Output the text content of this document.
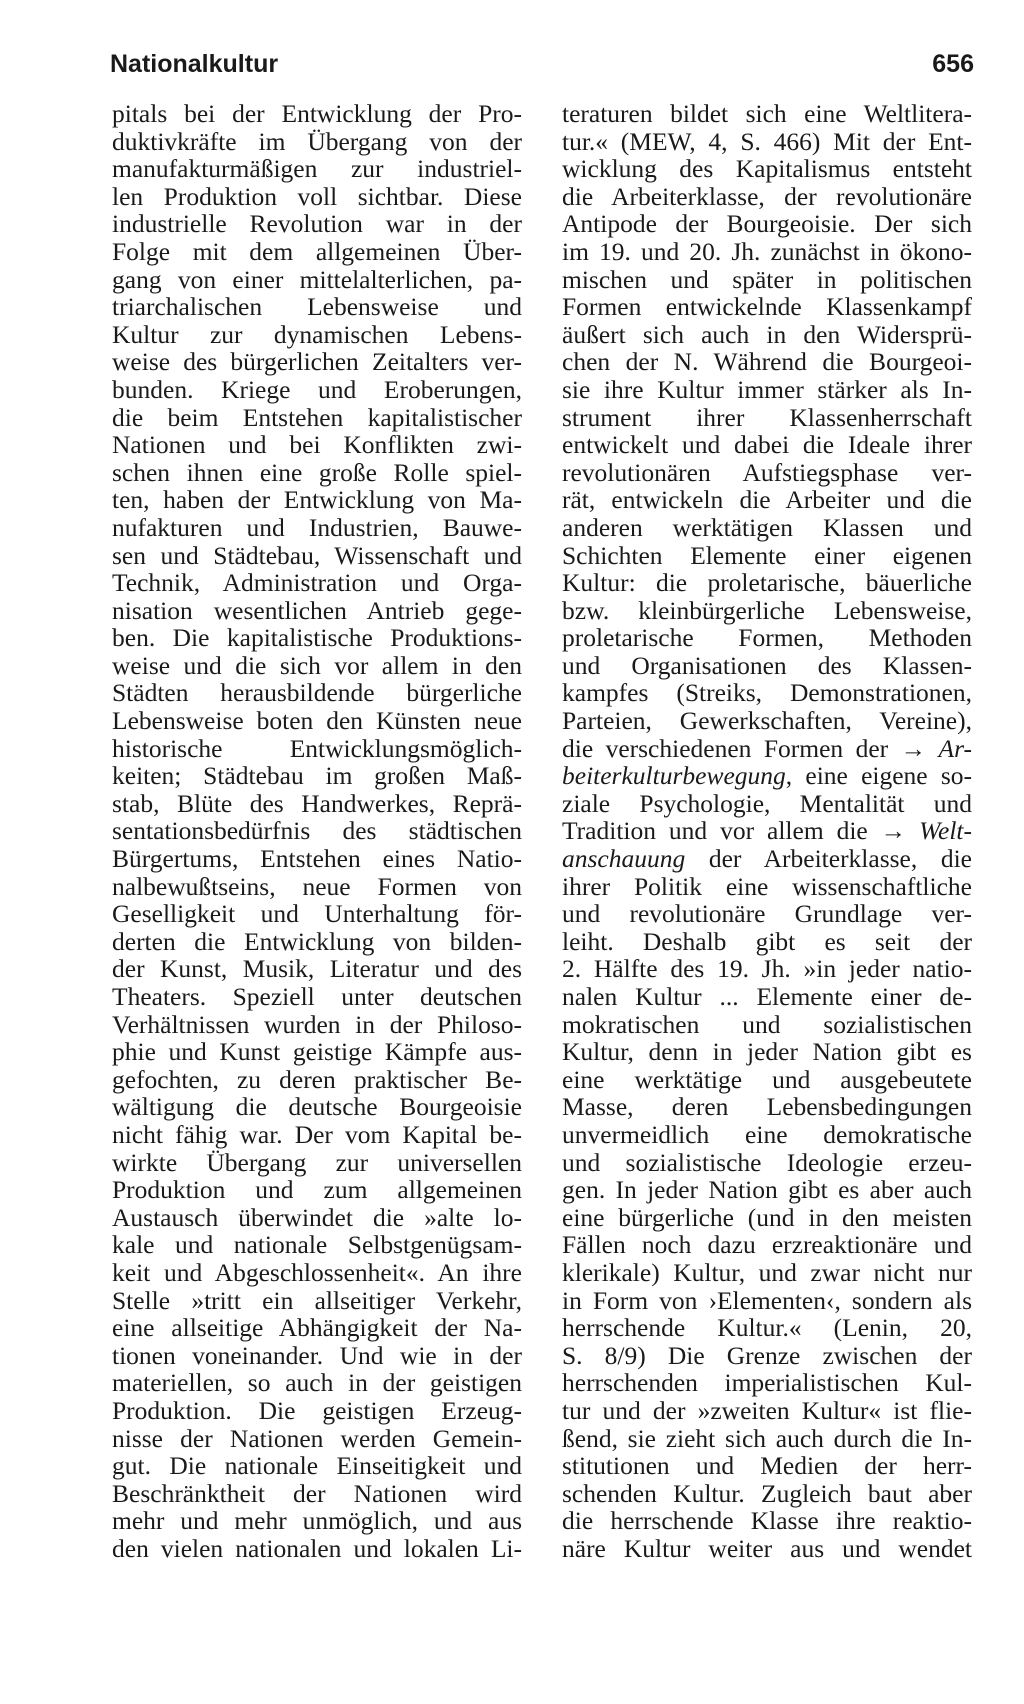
Nationalkultur	656
pitals bei der Entwicklung der Pro-
duktivkräfte im Übergang von der
manufakturmäßigen zur industriel-
len Produktion voll sichtbar. Diese
industrielle Revolution war in der
Folge mit dem allgemeinen Über-
gang von einer mittelalterlichen, pa-
triarchalischen Lebensweise und
Kultur zur dynamischen Lebens-
weise des bürgerlichen Zeitalters ver-
bunden. Kriege und Eroberungen,
die beim Entstehen kapitalistischer
Nationen und bei Konflikten zwi-
schen ihnen eine große Rolle spiel-
ten, haben der Entwicklung von Ma-
nufakturen und Industrien, Bauwe-
sen und Städtebau, Wissenschaft und
Technik, Administration und Orga-
nisation wesentlichen Antrieb gege-
ben. Die kapitalistische Produktions-
weise und die sich vor allem in den
Städten herausbildende bürgerliche
Lebensweise boten den Künsten neue
historische Entwicklungsmöglich-
keiten; Städtebau im großen Maß-
stab, Blüte des Handwerkes, Reprä-
sentationsbedürfnis des städtischen
Bürgertums, Entstehen eines Natio-
nalbewußtseins, neue Formen von
Geselligkeit und Unterhaltung för-
derten die Entwicklung von bilden-
der Kunst, Musik, Literatur und des
Theaters. Speziell unter deutschen
Verhältnissen wurden in der Philoso-
phie und Kunst geistige Kämpfe aus-
gefochten, zu deren praktischer Be-
wältigung die deutsche Bourgeoisie
nicht fähig war. Der vom Kapital be-
wirkte Übergang zur universellen
Produktion und zum allgemeinen
Austausch überwindet die »alte lo-
kale und nationale Selbstgenügsam-
keit und Abgeschlossenheit«. An ihre
Stelle »tritt ein allseitiger Verkehr,
eine allseitige Abhängigkeit der Na-
tionen voneinander. Und wie in der
materiellen, so auch in der geistigen
Produktion. Die geistigen Erzeug-
nisse der Nationen werden Gemein-
gut. Die nationale Einseitigkeit und
Beschränktheit der Nationen wird
mehr und mehr unmöglich, und aus
den vielen nationalen und lokalen Li-
teraturen bildet sich eine Weltlitera-
tur.« (MEW, 4, S. 466) Mit der Ent-
wicklung des Kapitalismus entsteht
die Arbeiterklasse, der revolutionäre
Antipode der Bourgeoisie. Der sich
im 19. und 20. Jh. zunächst in ökono-
mischen und später in politischen
Formen entwickelnde Klassenkampf
äußert sich auch in den Widersprü-
chen der N. Während die Bourgeoi-
sie ihre Kultur immer stärker als In-
strument ihrer Klassenherrschaft
entwickelt und dabei die Ideale ihrer
revolutionären Aufstiegsphase ver-
rät, entwickeln die Arbeiter und die
anderen werktätigen Klassen und
Schichten Elemente einer eigenen
Kultur: die proletarische, bäuerliche
bzw. kleinbürgerliche Lebensweise,
proletarische Formen, Methoden
und Organisationen des Klassen-
kampfes (Streiks, Demonstrationen,
Parteien, Gewerkschaften, Vereine),
die verschiedenen Formen der → Ar-
beiterkulturbewegung, eine eigene so-
ziale Psychologie, Mentalität und
Tradition und vor allem die → Welt-
anschauung der Arbeiterklasse, die
ihrer Politik eine wissenschaftliche
und revolutionäre Grundlage ver-
leiht. Deshalb gibt es seit der
2. Hälfte des 19. Jh. »in jeder natio-
nalen Kultur ... Elemente einer de-
mokratischen und sozialistischen
Kultur, denn in jeder Nation gibt es
eine werktätige und ausgebeutete
Masse, deren Lebensbedingungen
unvermeidlich eine demokratische
und sozialistische Ideologie erzeu-
gen. In jeder Nation gibt es aber auch
eine bürgerliche (und in den meisten
Fällen noch dazu erzreaktionäre und
klerikale) Kultur, und zwar nicht nur
in Form von ›Elementen‹, sondern als
herrschende Kultur.« (Lenin, 20,
S. 8/9) Die Grenze zwischen der
herrschenden imperialistischen Kul-
tur und der »zweiten Kultur« ist flie-
ßend, sie zieht sich auch durch die In-
stitutionen und Medien der herr-
schenden Kultur. Zugleich baut aber
die herrschende Klasse ihre reaktio-
näre Kultur weiter aus und wendet
